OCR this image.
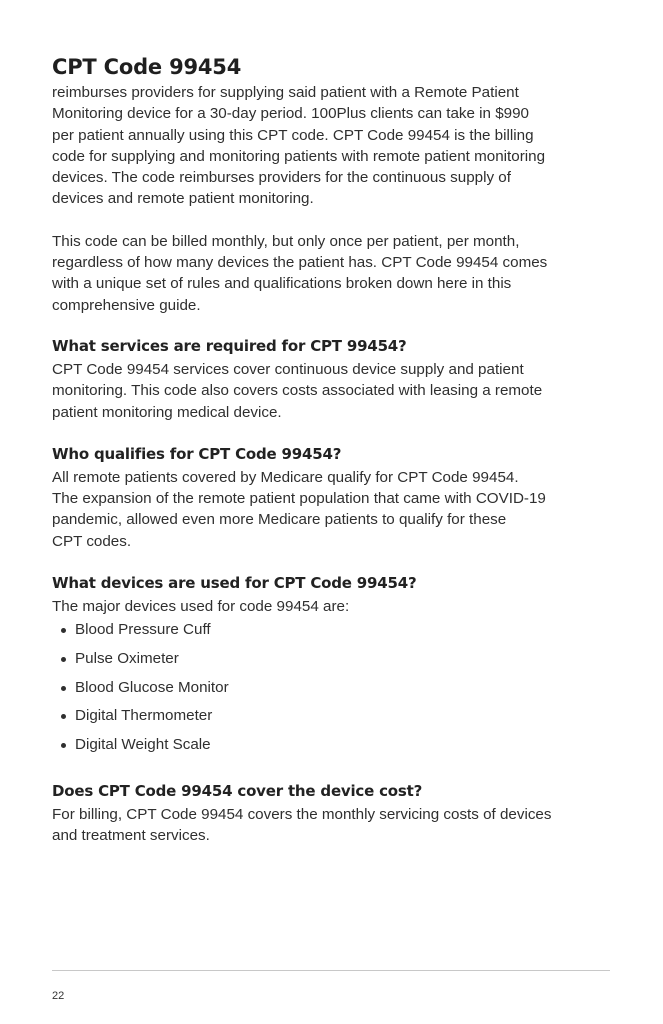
CPT Code 99454

reimburses providers for supplying said patient with a Remote Patient
Monitoring device for a 30-day period. 100Plus clients can take in $990
per patient annually using this CPT code. CPT Code 99454 is the billing
code for supplying and monitoring patients with remote patient monitoring
devices. The code reimburses providers for the continuous supply of
devices and remote patient monitoring.

This code can be billed monthly, but only once per patient, per month,
regardless of how many devices the patient has. CPT Code 99454 comes
with a unique set of rules and qualifications broken down here in this
comprehensive guide.

What services are required for CPT 99454?

CPT Code 99454 services cover continuous device supply and patient
monitoring. This code also covers costs associated with leasing a remote
patient monitoring medical device.

Who qualifies for CPT Code 99454?

All remote patients covered by Medicare qualify for CPT Code 99454.
The expansion of the remote patient population that came with COVID-19
pandemic, allowed even more Medicare patients to qualify for these
CPT codes.

What devices are used for CPT Code 99454?

The major devices used for code 99454 are:

Blood Pressure Cuff
Pulse Oximeter
Blood Glucose Monitor
Digital Thermometer
Digital Weight Scale
Does CPT Code 99454 cover the device cost?

For billing, CPT Code 99454 covers the monthly servicing costs of devices
and treatment services.

22
